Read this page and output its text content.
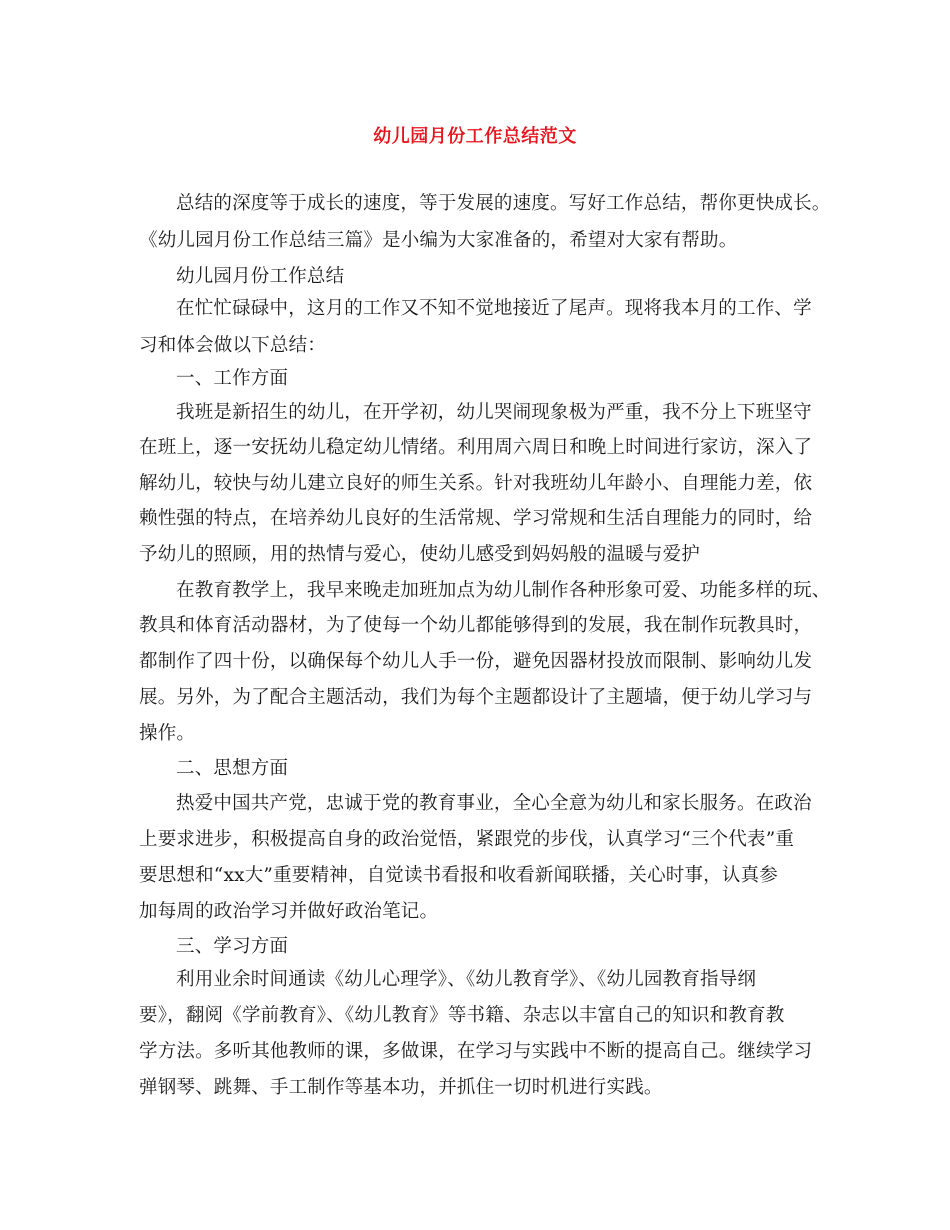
幼儿园月份工作总结范文
总结的深度等于成长的速度，等于发展的速度。写好工作总结，帮你更快成长。
《幼儿园月份工作总结三篇》是小编为大家准备的，希望对大家有帮助。
幼儿园月份工作总结
在忙忙碌碌中，这月的工作又不知不觉地接近了尾声。现将我本月的工作、学
习和体会做以下总结：
一、工作方面
我班是新招生的幼儿，在开学初，幼儿哭闹现象极为严重，我不分上下班坚守
在班上，逐一安抚幼儿稳定幼儿情绪。利用周六周日和晚上时间进行家访，深入了
解幼儿，较快与幼儿建立良好的师生关系。针对我班幼儿年龄小、自理能力差，依
赖性强的特点，在培养幼儿良好的生活常规、学习常规和生活自理能力的同时，给
予幼儿的照顾，用的热情与爱心，使幼儿感受到妈妈般的温暖与爱护
在教育教学上，我早来晚走加班加点为幼儿制作各种形象可爱、功能多样的玩、
教具和体育活动器材，为了使每一个幼儿都能够得到的发展，我在制作玩教具时，
都制作了四十份，以确保每个幼儿人手一份，避免因器材投放而限制、影响幼儿发
展。另外，为了配合主题活动，我们为每个主题都设计了主题墙，便于幼儿学习与
操作。
二、思想方面
热爱中国共产党，忠诚于党的教育事业，全心全意为幼儿和家长服务。在政治
上要求进步，积极提高自身的政治觉悟，紧跟党的步伐，认真学习“三个代表”重
要思想和“xx大”重要精神，自觉读书看报和收看新闻联播，关心时事，认真参
加每周的政治学习并做好政治笔记。
三、学习方面
利用业余时间通读《幼儿心理学》、《幼儿教育学》、《幼儿园教育指导纲
要》，翻阅《学前教育》、《幼儿教育》等书籍、杂志以丰富自己的知识和教育教
学方法。多听其他教师的课，多做课，在学习与实践中不断的提高自己。继续学习
弹钢琴、跳舞、手工制作等基本功，并抓住一切时机进行实践。
